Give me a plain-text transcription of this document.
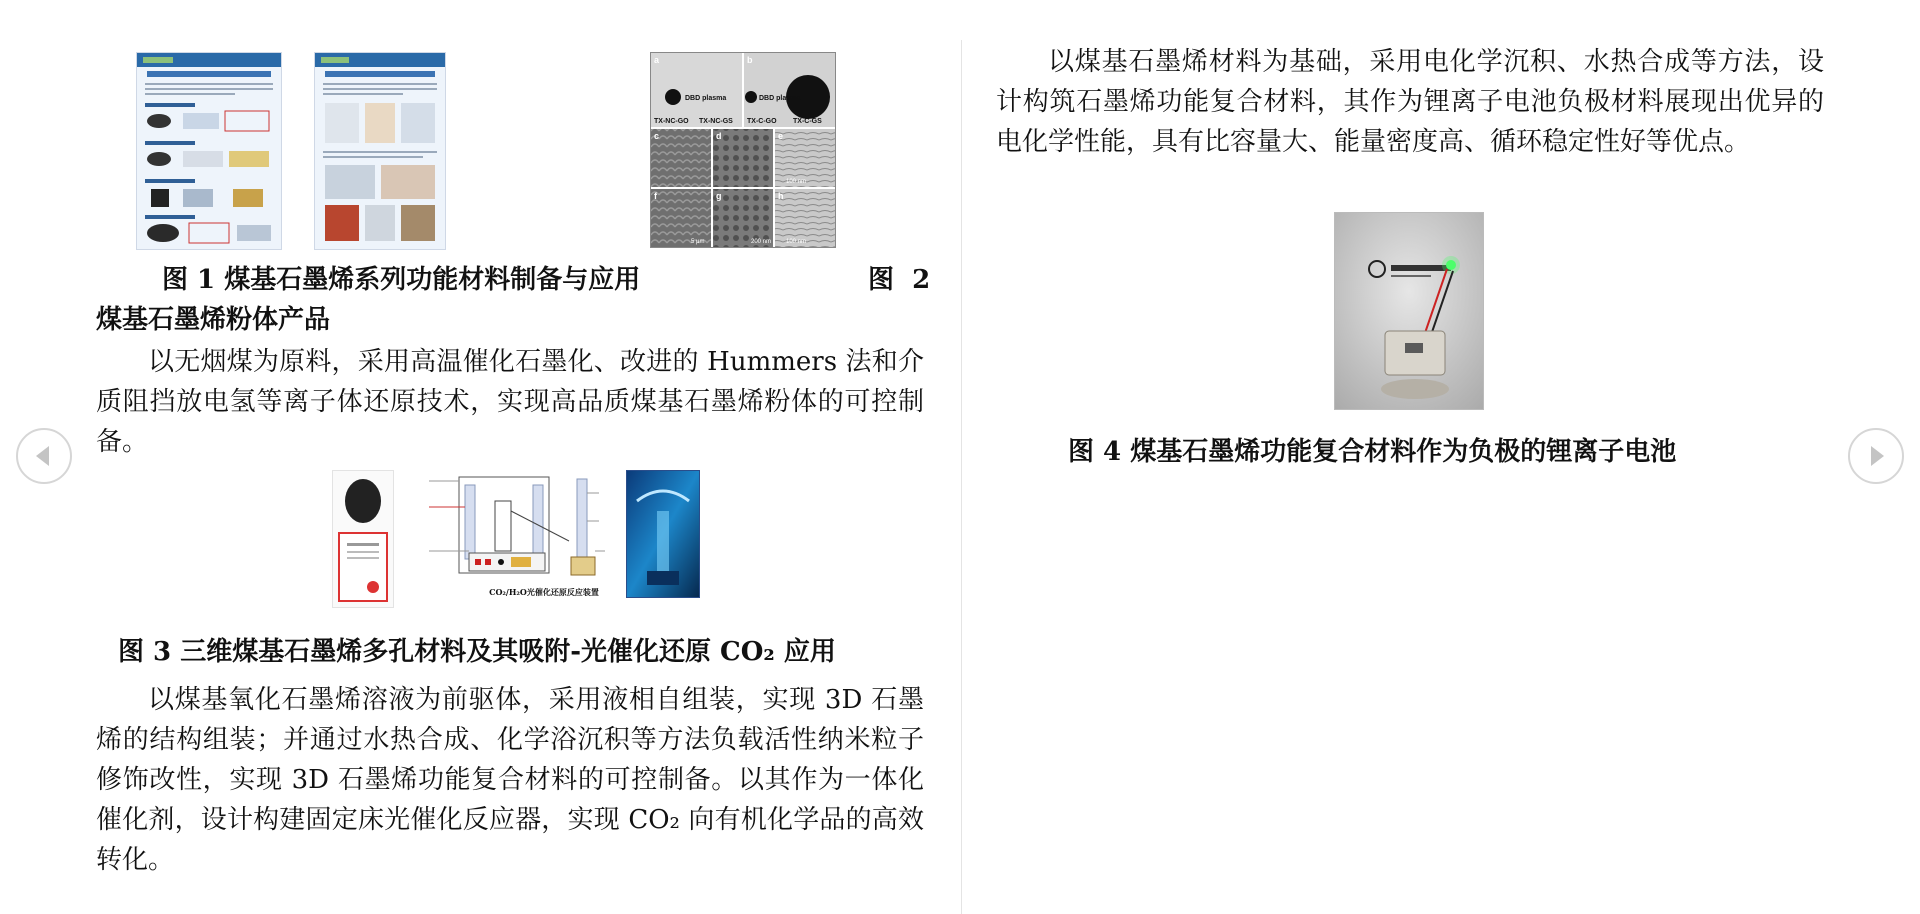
a	b
c	d	e
f	g	h
DBD plasma	DBD plasma
TX-NC-GO TX-NC-GS TX-C-GO TX-C-GS
100 nm
5 μm	200 nm 100 nm

图 1 煤基石墨烯系列功能材料制备与应用	图  2

煤基石墨烯粉体产品

以无烟煤为原料，采用高温催化石墨化、改进的 Hummers 法和介质阻挡放电氢等离子体还原技术，实现高品质煤基石墨烯粉体的可控制备。

CO₂/H₂O光催化还原反应装置

图 3 三维煤基石墨烯多孔材料及其吸附-光催化还原 CO₂ 应用

以煤基氧化石墨烯溶液为前驱体，采用液相自组装，实现 3D 石墨烯的结构组装；并通过水热合成、化学浴沉积等方法负载活性纳米粒子修饰改性，实现 3D 石墨烯功能复合材料的可控制备。以其作为一体化催化剂，设计构建固定床光催化反应器，实现 CO₂ 向有机化学品的高效转化。

以煤基石墨烯材料为基础，采用电化学沉积、水热合成等方法，设计构筑石墨烯功能复合材料，其作为锂离子电池负极材料展现出优异的电化学性能，具有比容量大、能量密度高、循环稳定性好等优点。

图 4 煤基石墨烯功能复合材料作为负极的锂离子电池
